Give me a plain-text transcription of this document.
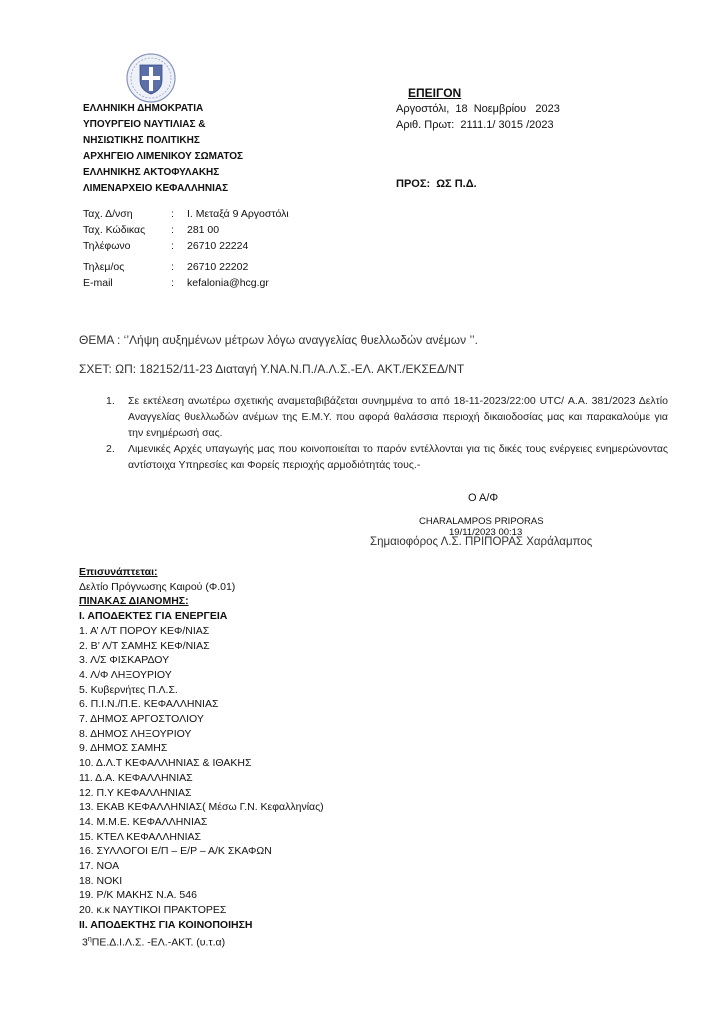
ΕΛΛΗΝΙΚΗ ΔΗΜΟΚΡΑΤΙΑ
ΥΠΟΥΡΓΕΙΟ ΝΑΥΤΙΛΙΑΣ &
ΝΗΣΙΩΤΙΚΗΣ ΠΟΛΙΤΙΚΗΣ
ΑΡΧΗΓΕΙΟ ΛΙΜΕΝΙΚΟΥ ΣΩΜΑΤΟΣ
ΕΛΛΗΝΙΚΗΣ ΑΚΤΟΦΥΛΑΚΗΣ
ΛΙΜΕΝΑΡΧΕΙΟ ΚΕΦΑΛΛΗΝΙΑΣ
ΕΠΕΙΓΟΝ
Αργοστόλι,  18  Νοεμβρίου   2023
Αριθ. Πρωτ:  2111.1/ 3015 /2023
ΠΡΟΣ:  ΩΣ Π.Δ.
Ταχ. Δ/νση	:	Ι. Μεταξά 9 Αργοστόλι
Ταχ. Κώδικας	:	281 00
Τηλέφωνο	:	26710 22224
Τηλεμ/ος	:	26710 22202
E-mail	:	kefalonia@hcg.gr
ΘΕΜΑ : ‘’Λήψη αυξημένων μέτρων λόγω αναγγελίας θυελλωδών ανέμων ’’.
ΣΧΕΤ: ΩΠ: 182152/11-23 Διαταγή Υ.ΝΑ.Ν.Π./Α.Λ.Σ.-ΕΛ. ΑΚΤ./ΕΚΣΕΔ/ΝΤ
1.	Σε εκτέλεση ανωτέρω σχετικής αναμεταβιβάζεται συνημμένα το από 18-11-2023/22:00 UTC/ Α.Α. 381/2023 Δελτίο Αναγγελίας θυελλωδών ανέμων της Ε.Μ.Υ. που αφορά θαλάσσια περιοχή δικαιοδοσίας μας και παρακαλούμε για την ενημέρωσή σας.
2.	Λιμενικές Αρχές υπαγωγής μας που κοινοποιείται το παρόν εντέλλονται για τις δικές τους ενέργειες ενημερώνοντας αντίστοιχα Υπηρεσίες και Φορείς περιοχής αρμοδιότητάς τους.-
Ο Α/Φ
CHARALAMPOS PRIPORAS
19/11/2023 00:13
Σημαιοφόρος Λ.Σ. ΠΡΙΠΟΡΑΣ Χαράλαμπος
Επισυνάπτεται:
Δελτίο Πρόγνωσης Καιρού (Φ.01)
ΠΙΝΑΚΑΣ ΔΙΑΝΟΜΗΣ:
Ι. ΑΠΟΔΕΚΤΕΣ ΓΙΑ ΕΝΕΡΓΕΙΑ
1. Α’ Λ/Τ ΠΟΡΟΥ ΚΕΦ/ΝΙΑΣ
2. Β’ Λ/Τ ΣΑΜΗΣ ΚΕΦ/ΝΙΑΣ
3. Λ/Σ ΦΙΣΚΑΡΔΟΥ
4. Λ/Φ ΛΗΞΟΥΡΙΟΥ
5. Κυβερνήτες Π.Λ.Σ.
6. Π.Ι.Ν./Π.Ε. ΚΕΦΑΛΛΗΝΙΑΣ
7. ΔΗΜΟΣ ΑΡΓΟΣΤΟΛΙΟΥ
8. ΔΗΜΟΣ ΛΗΞΟΥΡΙΟΥ
9. ΔΗΜΟΣ ΣΑΜΗΣ
10. Δ.Λ.Τ ΚΕΦΑΛΛΗΝΙΑΣ & ΙΘΑΚΗΣ
11. Δ.Α. ΚΕΦΑΛΛΗΝΙΑΣ
12. Π.Υ ΚΕΦΑΛΛΗΝΙΑΣ
13. ΕΚΑΒ ΚΕΦΑΛΛΗΝΙΑΣ( Μέσω Γ.Ν. Κεφαλληνίας)
14. Μ.Μ.Ε. ΚΕΦΑΛΛΗΝΙΑΣ
15. ΚΤΕΛ ΚΕΦΑΛΛΗΝΙΑΣ
16. ΣΥΛΛΟΓΟΙ Ε/Π – Ε/Ρ – Α/Κ ΣΚΑΦΩΝ
17. ΝΟΑ
18. ΝΟΚΙ
19. Ρ/Κ ΜΑΚΗΣ Ν.Α. 546
20. κ.κ ΝΑΥΤΙΚΟΙ ΠΡΑΚΤΟΡΕΣ
ΙΙ. ΑΠΟΔΕΚΤΗΣ ΓΙΑ ΚΟΙΝΟΠΟΙΗΣΗ
$3^\eta\Pi E.\Delta.I.\Lambda.\Sigma$. -ΕΛ.-ΑΚΤ. (υ.τ.α)
